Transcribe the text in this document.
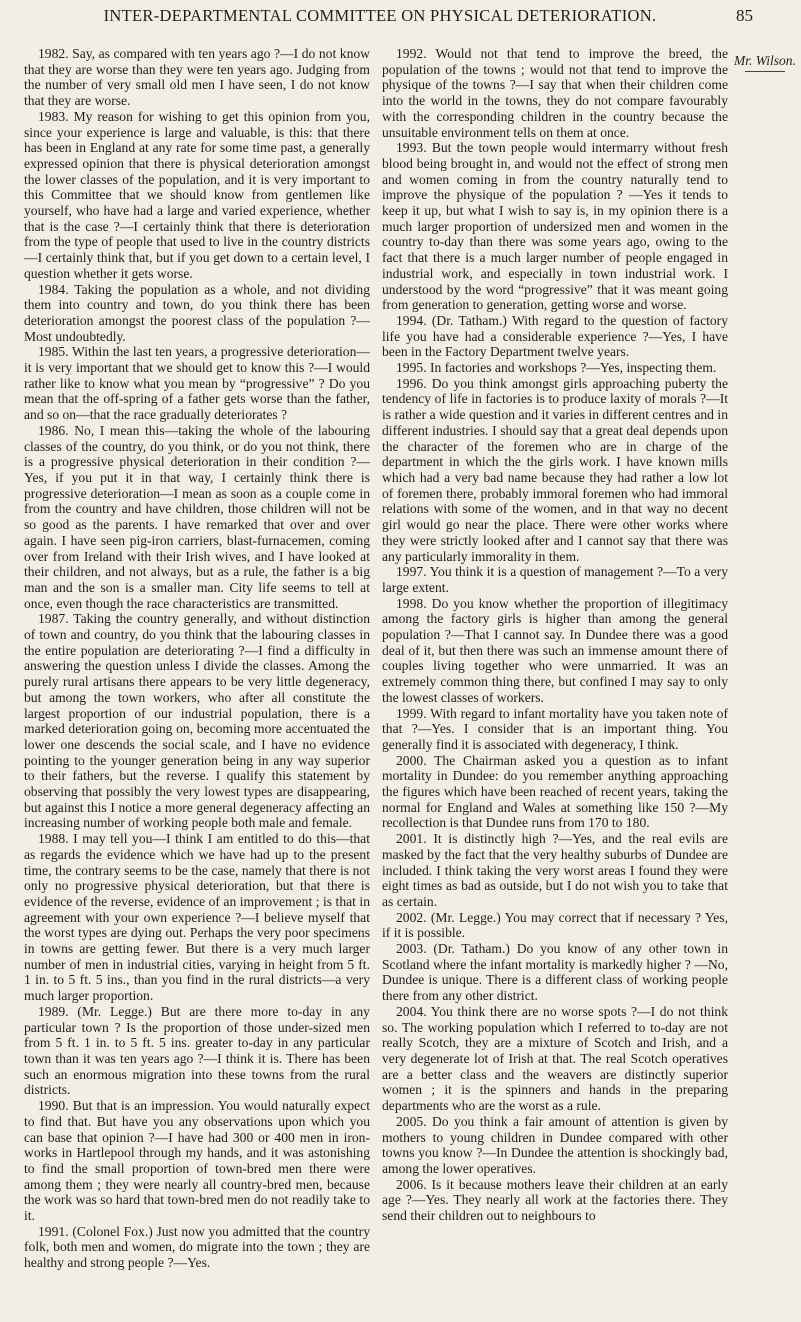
INTER-DEPARTMENTAL COMMITTEE ON PHYSICAL DETERIORATION.	85
Mr. Wilson.

1982. Say, as compared with ten years ago ?—I do not know that they are worse than they were ten years ago. Judging from the number of very small old men I have seen, I do not know that they are worse.

1983. My reason for wishing to get this opinion from you, since your experience is large and valuable, is this: that there has been in England at any rate for some time past, a generally expressed opinion that there is physical deterioration amongst the lower classes of the population, and it is very important to this Committee that we should know from gentlemen like yourself, who have had a large and varied experience, whether that is the case ?—I certainly think that there is deterioration from the type of people that used to live in the country districts—I certainly think that, but if you get down to a certain level, I question whether it gets worse.

1984. Taking the population as a whole, and not dividing them into country and town, do you think there has been deterioration amongst the poorest class of the population ?—Most undoubtedly.

1985. Within the last ten years, a progressive deterioration—it is very important that we should get to know this ?—I would rather like to know what you mean by “progressive” ? Do you mean that the off-spring of a father gets worse than the father, and so on—that the race gradually deteriorates ?

1986. No, I mean this—taking the whole of the labouring classes of the country, do you think, or do you not think, there is a progressive physical deterioration in their condition ?—Yes, if you put it in that way, I certainly think there is progressive deterioration—I mean as soon as a couple come in from the country and have children, those children will not be so good as the parents. I have remarked that over and over again. I have seen pig-iron carriers, blast-furnacemen, coming over from Ireland with their Irish wives, and I have looked at their children, and not always, but as a rule, the father is a big man and the son is a smaller man. City life seems to tell at once, even though the race characteristics are transmitted.

1987. Taking the country generally, and without distinction of town and country, do you think that the labouring classes in the entire population are deteriorating ?—I find a difficulty in answering the question unless I divide the classes. Among the purely rural artisans there appears to be very little degeneracy, but among the town workers, who after all constitute the largest proportion of our industrial population, there is a marked deterioration going on, becoming more accentuated the lower one descends the social scale, and I have no evidence pointing to the younger generation being in any way superior to their fathers, but the reverse. I qualify this statement by observing that possibly the very lowest types are disappearing, but against this I notice a more general degeneracy affecting an increasing number of working people both male and female.

1988. I may tell you—I think I am entitled to do this—that as regards the evidence which we have had up to the present time, the contrary seems to be the case, namely that there is not only no progressive physical deterioration, but that there is evidence of the reverse, evidence of an improvement ; is that in agreement with your own experience ?—I believe myself that the worst types are dying out. Perhaps the very poor specimens in towns are getting fewer. But there is a very much larger number of men in industrial cities, varying in height from 5 ft. 1 in. to 5 ft. 5 ins., than you find in the rural districts—a very much larger proportion.

1989. (Mr. Legge.) But are there more to-day in any particular town ? Is the proportion of those under-sized men from 5 ft. 1 in. to 5 ft. 5 ins. greater to-day in any particular town than it was ten years ago ?—I think it is. There has been such an enormous migration into these towns from the rural districts.

1990. But that is an impression. You would naturally expect to find that. But have you any observations upon which you can base that opinion ?—I have had 300 or 400 men in iron-works in Hartlepool through my hands, and it was astonishing to find the small proportion of town-bred men there were among them ; they were nearly all country-bred men, because the work was so hard that town-bred men do not readily take to it.

1991. (Colonel Fox.) Just now you admitted that the country folk, both men and women, do migrate into the town ; they are healthy and strong people ?—Yes.

1992. Would not that tend to improve the breed, the population of the towns ; would not that tend to improve the physique of the towns ?—I say that when their children come into the world in the towns, they do not compare favourably with the corresponding children in the country because the unsuitable environment tells on them at once.

1993. But the town people would intermarry without fresh blood being brought in, and would not the effect of strong men and women coming in from the country naturally tend to improve the physique of the population ? —Yes it tends to keep it up, but what I wish to say is, in my opinion there is a much larger proportion of undersized men and women in the country to-day than there was some years ago, owing to the fact that there is a much larger number of people engaged in industrial work, and especially in town industrial work. I understood by the word “progressive” that it was meant going from generation to generation, getting worse and worse.

1994. (Dr. Tatham.) With regard to the question of factory life you have had a considerable experience ?—Yes, I have been in the Factory Department twelve years.

1995. In factories and workshops ?—Yes, inspecting them.

1996. Do you think amongst girls approaching puberty the tendency of life in factories is to produce laxity of morals ?—It is rather a wide question and it varies in different centres and in different industries. I should say that a great deal depends upon the character of the foremen who are in charge of the department in which the the girls work. I have known mills which had a very bad name because they had rather a low lot of foremen there, probably immoral foremen who had immoral relations with some of the women, and in that way no decent girl would go near the place. There were other works where they were strictly looked after and I cannot say that there was any particularly immorality in them.

1997. You think it is a question of management ?—To a very large extent.

1998. Do you know whether the proportion of illegitimacy among the factory girls is higher than among the general population ?—That I cannot say. In Dundee there was a good deal of it, but then there was such an immense amount there of couples living together who were unmarried. It was an extremely common thing there, but confined I may say to only the lowest classes of workers.

1999. With regard to infant mortality have you taken note of that ?—Yes. I consider that is an important thing. You generally find it is associated with degeneracy, I think.

2000. The Chairman asked you a question as to infant mortality in Dundee: do you remember anything approaching the figures which have been reached of recent years, taking the normal for England and Wales at something like 150 ?—My recollection is that Dundee runs from 170 to 180.

2001. It is distinctly high ?—Yes, and the real evils are masked by the fact that the very healthy suburbs of Dundee are included. I think taking the very worst areas I found they were eight times as bad as outside, but I do not wish you to take that as certain.

2002. (Mr. Legge.) You may correct that if necessary ? Yes, if it is possible.

2003. (Dr. Tatham.) Do you know of any other town in Scotland where the infant mortality is markedly higher ? —No, Dundee is unique. There is a different class of working people there from any other district.

2004. You think there are no worse spots ?—I do not think so. The working population which I referred to to-day are not really Scotch, they are a mixture of Scotch and Irish, and a very degenerate lot of Irish at that. The real Scotch operatives are a better class and the weavers are distinctly superior women ; it is the spinners and hands in the preparing departments who are the worst as a rule.

2005. Do you think a fair amount of attention is given by mothers to young children in Dundee compared with other towns you know ?—In Dundee the attention is shockingly bad, among the lower operatives.

2006. Is it because mothers leave their children at an early age ?—Yes. They nearly all work at the factories there. They send their children out to neighbours to
